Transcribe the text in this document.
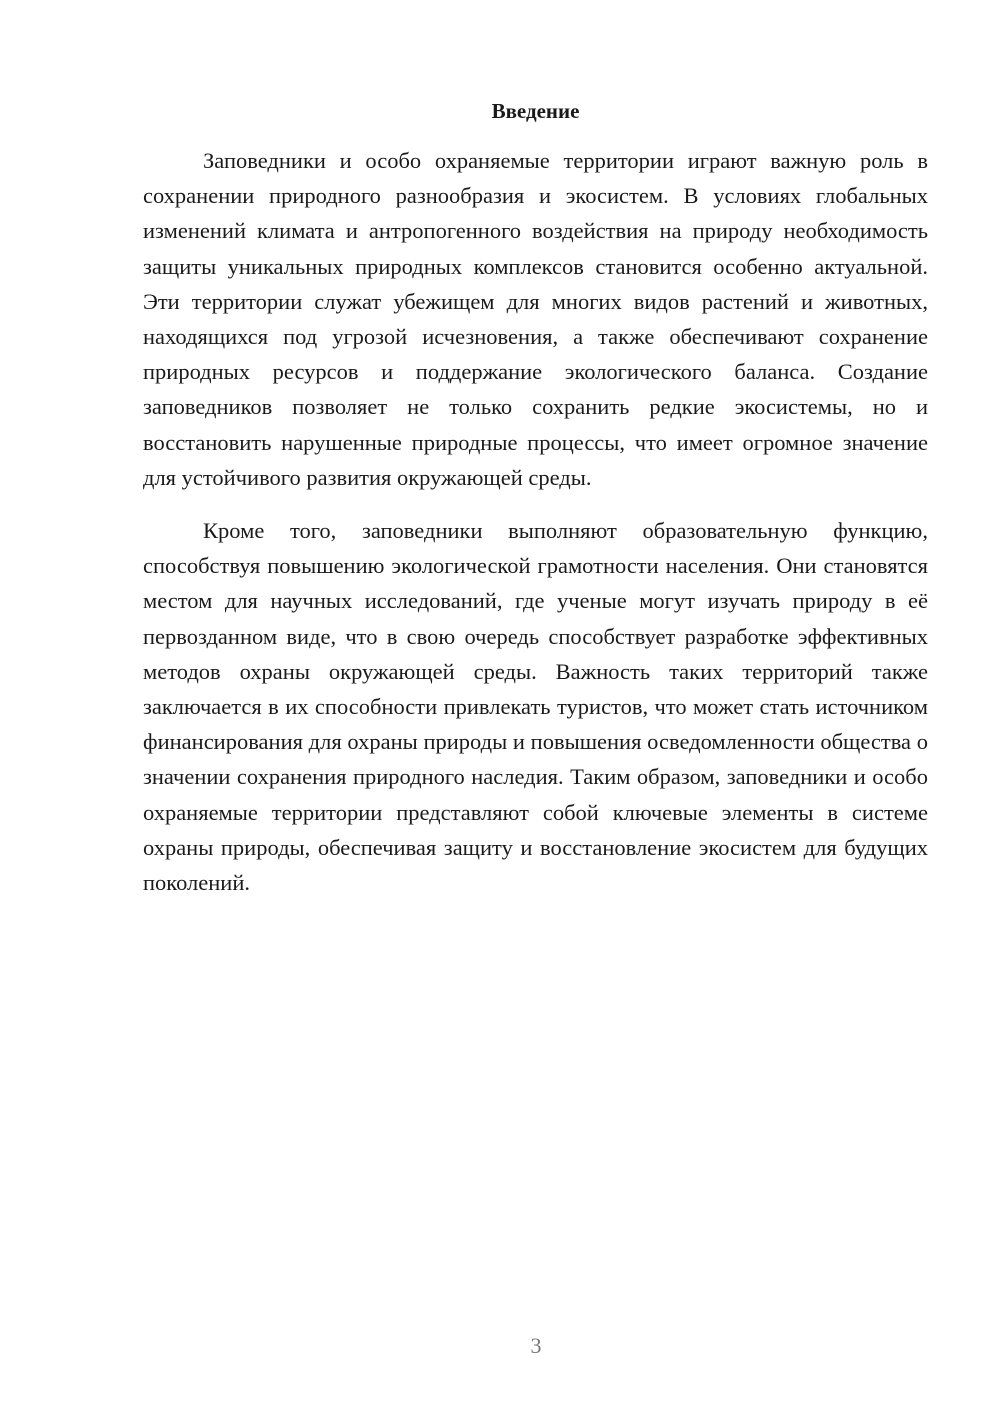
Введение

Заповедники и особо охраняемые территории играют важную роль в сохранении природного разнообразия и экосистем. В условиях глобальных изменений климата и антропогенного воздействия на природу необходимость защиты уникальных природных комплексов становится особенно актуальной. Эти территории служат убежищем для многих видов растений и животных, находящихся под угрозой исчезновения, а также обеспечивают сохранение природных ресурсов и поддержание экологического баланса. Создание заповедников позволяет не только сохранить редкие экосистемы, но и восстановить нарушенные природные процессы, что имеет огромное значение для устойчивого развития окружающей среды.

Кроме того, заповедники выполняют образовательную функцию, способствуя повышению экологической грамотности населения. Они становятся местом для научных исследований, где ученые могут изучать природу в её первозданном виде, что в свою очередь способствует разработке эффективных методов охраны окружающей среды. Важность таких территорий также заключается в их способности привлекать туристов, что может стать источником финансирования для охраны природы и повышения осведомленности общества о значении сохранения природного наследия. Таким образом, заповедники и особо охраняемые территории представляют собой ключевые элементы в системе охраны природы, обеспечивая защиту и восстановление экосистем для будущих поколений.

3
